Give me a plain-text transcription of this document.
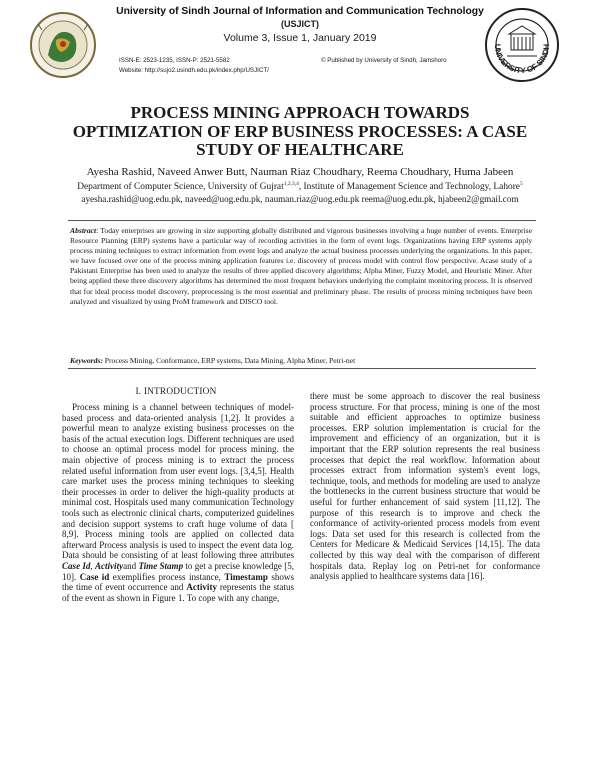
UNIVERSITY OF SINDH
University of Sindh Journal of Information and Communication Technology
(USJICT)
Volume 3, Issue 1, January 2019
ISSN-E: 2523-1235, ISSN-P: 2521-5582	© Published by University of Sindh, Jamshoro
Website: http://sujo2.usindh.edu.pk/index.php/USJICT/
PROCESS MINING APPROACH TOWARDS
OPTIMIZATION OF ERP BUSINESS PROCESSES: A CASE
STUDY OF HEALTHCARE
Ayesha Rashid, Naveed Anwer Butt, Nauman Riaz Choudhary, Reema Choudhary, Huma Jabeen
Department of Computer Science, University of Gujrat$^{1,2,3,4}$, Institute of Management Science and Technology, Lahore$^5$
ayesha.rashid@uog.edu.pk, naveed@uog.edu.pk, nauman.riaz@uog.edu.pk reema@uog.edu.pk, hjabeen2@gmail.com
Abstract: Today enterprises are growing in size supporting globally distributed and vigorous businesses involving a huge number of events. Enterprise Resource Planning (ERP) systems have a particular way of recording activities in the form of event logs. Organizations having ERP systems apply process mining techniques to extract information from event logs and analyze the actual business processes underlying the organizations. In this paper, we have focused over one of the process mining application features i.e. discovery of process model with control flow perspective. Acase study of a Pakistani Enterprise has been used to analyze the results of three applied discovery algorithms; Alpha Miner, Fuzzy Model, and Heuristic Miner. After being applied these three discovery algorithms has determined the most frequent behaviors underlying the complaint monitoring process. It is observed that for ideal process model discovery, preprocessing is the most essential and preliminary phase. The results of process mining techniques have been analyzed and visualized by using ProM framework and DISCO tool.
Keywords: Process Mining, Conformance, ERP systems, Data Mining, Alpha Miner, Petri-net
I. INTRODUCTION
Process mining is a channel between techniques of model-based process and data-oriented analysis [1,2]. It provides a powerful mean to analyze existing business processes on the basis of the actual execution logs. Different techniques are used to choose an optimal process model for process mining. the main objective of process mining is to extract the process related useful information from user event logs. [3,4,5]. Health care market uses the process mining techniques to sleeking their processes in order to deliver the high-quality products at minimal cost. Hospitals used many communication Technology tools such as electronic clinical charts, computerized guidelines and decision support systems to craft huge volume of data [ 8,9]. Process mining tools are applied on collected data afterward Process analysis is used to inspect the event data log. Data should be consisting of at least following three attributes Case Id, Activityand Time Stamp to get a precise knowledge [5, 10]. Case id exemplifies process instance, Timestamp shows the time of event occurrence and Activity represents the status of the event as shown in Figure 1. To cope with any change,
there must be some approach to discover the real business process structure. For that process, mining is one of the most suitable and efficient approaches to optimize business processes. ERP solution implementation is crucial for the improvement and efficiency of an organization, but it is important that the ERP solution represents the real business processes that depict the real workflow. Information about processes extract from information system's event logs, technique, tools, and methods for modeling are used to analyze the bottlenecks in the current business structure that would be useful for further enhancement of said system [11,12]. The purpose of this research is to improve and check the conformance of activity-oriented process models from event logs. Data set used for this research is collected from the Centers for Medicare & Medicaid Services [14,15]. The data collected by this way deal with the comparison of different hospitals data. Replay log on Petri-net for conformance analysis applied to healthcare systems data [16].
